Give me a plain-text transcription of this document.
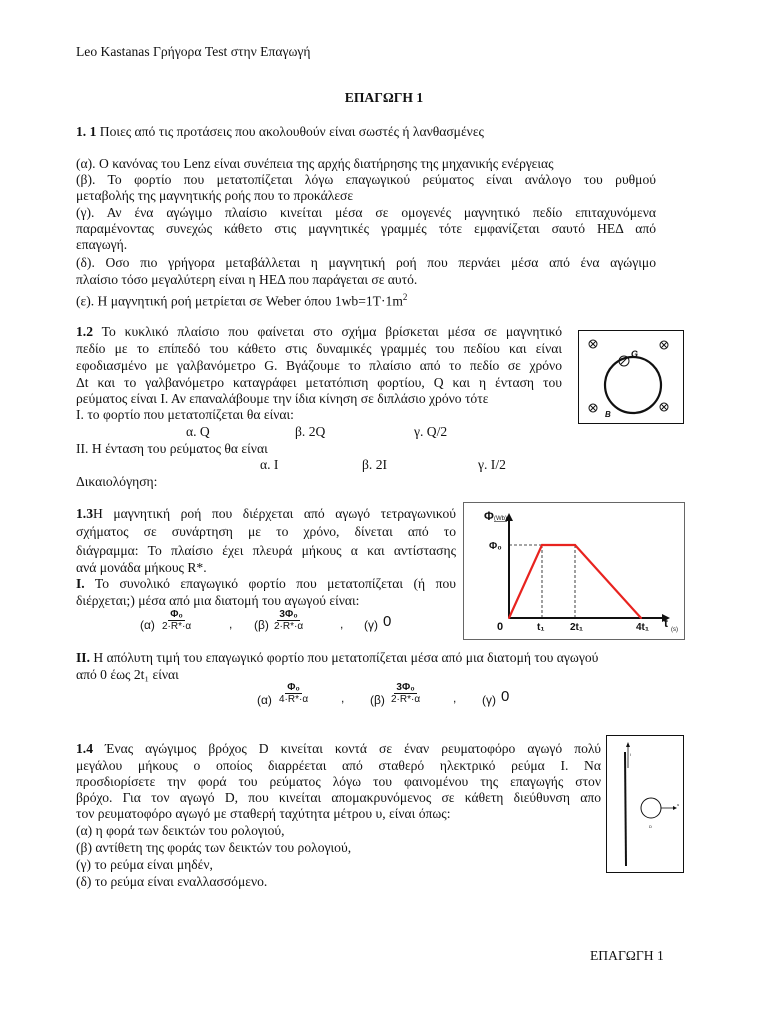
Leo Kastanas Γρήγορα Test στην Επαγωγή
ΕΠΑΓΩΓΗ 1
1. 1 Ποιες από τις προτάσεις που ακολουθούν είναι σωστές ή λανθασμένες
(α). Ο κανόνας του Lenz είναι συνέπεια της αρχής διατήρησης της μηχανικής ενέργειας
(β). Το φορτίο που μετατοπίζεται λόγω επαγωγικού ρεύματος είναι ανάλογο του ρυθμού
μεταβολής της μαγνητικής ροής που το προκάλεσε
(γ). Αν ένα αγώγιμο πλαίσιο κινείται μέσα σε ομογενές μαγνητικό πεδίο επιταχυνόμενα
παραμένοντας συνεχώς κάθετο στις μαγνητικές γραμμές τότε εμφανίζεται σαυτό ΗΕΔ από
επαγωγή.
(δ). Οσο πιο γρήγορα μεταβάλλεται η μαγνητική ροή που περνάει μέσα από ένα αγώγιμο
πλαίσιο τόσο μεγαλύτερη είναι η ΗΕΔ που παράγεται σε αυτό.
(ε). Η μαγνητική ροή μετρίεται σε Weber όπου $1wb=1T\cdot 1m^2$
1.2 Το κυκλικό πλαίσιο που φαίνεται στο σχήμα βρίσκεται μέσα σε μαγνητικό
πεδίο με το επίπεδό του κάθετο στις δυναμικές γραμμές του πεδίου και είναι
εφοδιασμένο με γαλβανόμετρο G. Βγάζουμε το πλαίσιο από το πεδίο σε χρόνο
Δt και το γαλβανόμετρο καταγράφει μετατόπιση φορτίου, Q και η ένταση του
ρεύματος είναι Ι. Αν επαναλάβουμε την ίδια κίνηση σε διπλάσιο χρόνο τότε
Ι. το φορτίο που μετατοπίζεται θα είναι:
α. Q	β. 2Q	γ. Q/2
ΙΙ. Η ένταση του ρεύματος θα είναι
α. Ι	β. 2Ι	γ. Ι/2
Δικαιολόγηση:
G
B
1.3Η μαγνητική ροή που διέρχεται από αγωγό τετραγωνικού
σχήματος σε συνάρτηση με το χρόνο, δίνεται από το
διάγραμμα: Το πλαίσιο έχει πλευρά μήκους α και αντίστασης
ανά μονάδα μήκους R*.
Ι. Το συνολικό επαγωγικό φορτίο που μετατοπίζεται (ή που
διέρχεται;) μέσα από μια διατομή του αγωγού είναι:
$(\alpha) \frac{\text{Φ₀}}{2\cdot R*\cdot\alpha}$	, $(\beta) \frac{\text{3Φ₀}}{2\cdot R*\cdot\alpha}$	, (γ) 0
ΙΙ. Η απόλυτη τιμή του επαγωγικό φορτίο που μετατοπίζεται μέσα από μια διατομή του αγωγού
από 0 έως 2t₁ είναι
$(\alpha) \frac{\text{Φ₀}}{4\cdot R*\cdot\alpha}$	, $(\beta) \frac{\text{3Φ₀}}{2\cdot R*\cdot\alpha}$	, (γ) 0
Φ (Wb)
t (s)
0	t₁	2t₁	4t₁
Φ₀
1.4 Ένας αγώγιμος βρόχος D κινείται κοντά σε έναν ρευματοφόρο αγωγό πολύ
μεγάλου μήκους ο οποίος διαρρέεται από σταθερό ηλεκτρικό ρεύμα Ι. Να
προσδιορίσετε την φορά του ρεύματος λόγω του φαινομένου της επαγωγής στον
βρόχο. Για τον αγωγό D, που κινείται απομακρυνόμενος σε κάθετη διεύθυνση απο
τον ρευματοφόρο αγωγό με σταθερή ταχύτητα μέτρου υ, είναι όπως:
(α) η φορά των δεικτών του ρολογιού,
(β) αντίθετη της φοράς των δεικτών του ρολογιού,
(γ) το ρεύμα είναι μηδέν,
(δ) το ρεύμα είναι εναλλασσόμενο.
I
υ
D
ΕΠΑΓΩΓΗ 1
